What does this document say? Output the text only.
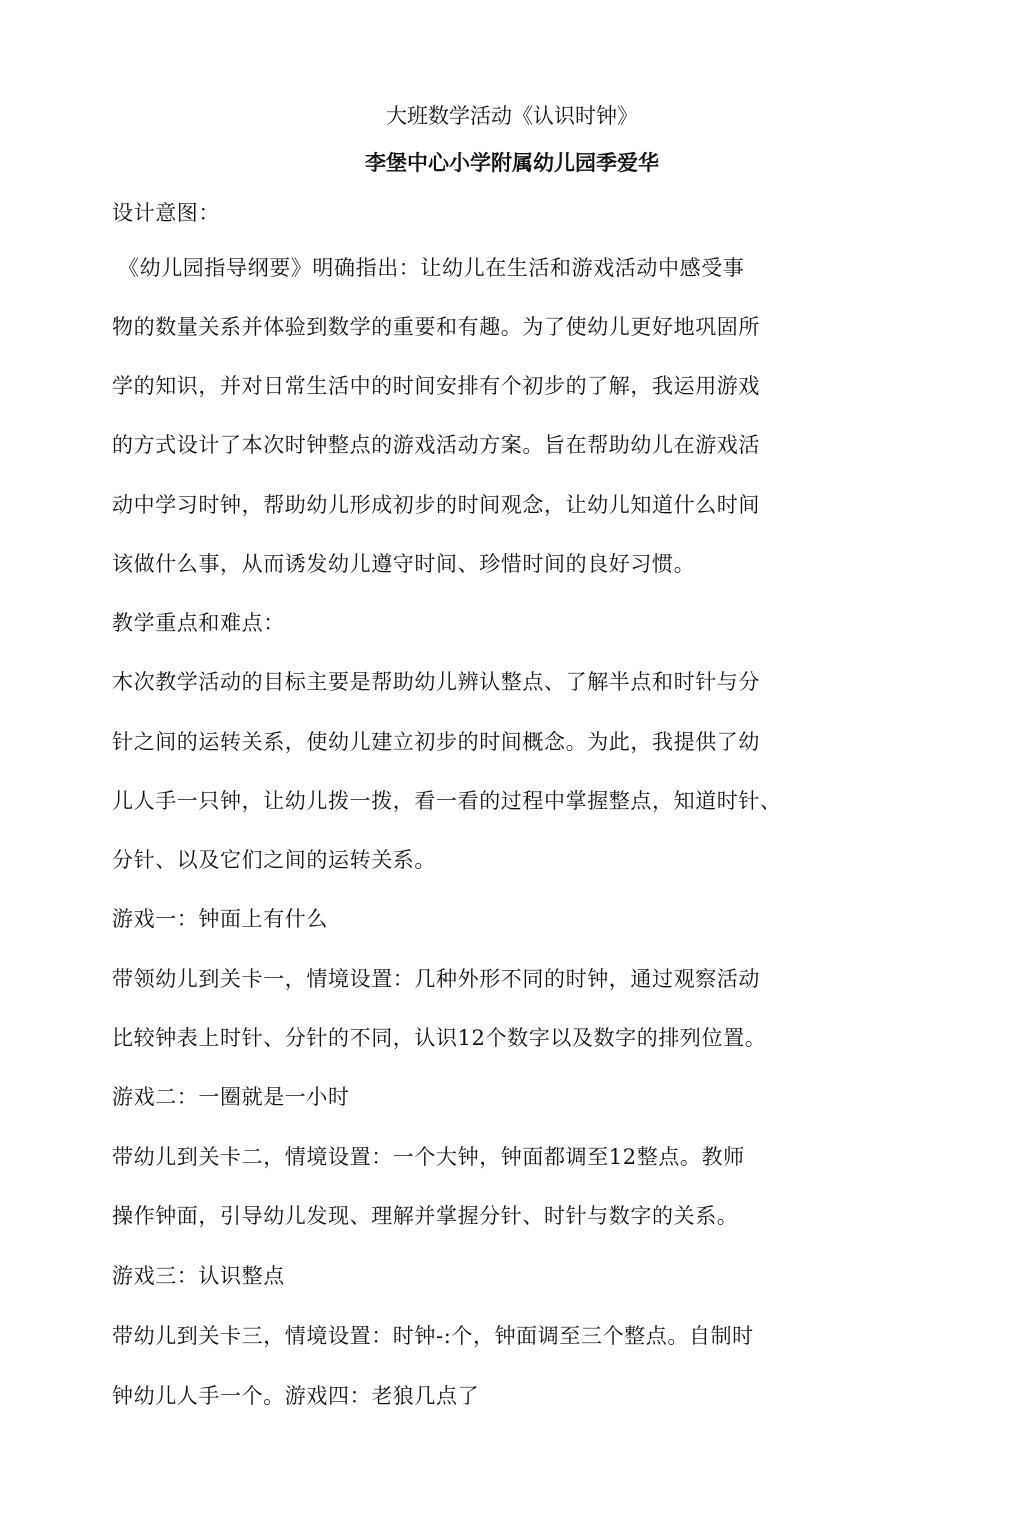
大班数学活动《认识时钟》
李堡中心小学附属幼儿园季爱华
设计意图：
《幼儿园指导纲要》明确指出：让幼儿在生活和游戏活动中感受事
物的数量关系并体验到数学的重要和有趣。为了使幼儿更好地巩固所
学的知识，并对日常生活中的时间安排有个初步的了解，我运用游戏
的方式设计了本次时钟整点的游戏活动方案。旨在帮助幼儿在游戏活
动中学习时钟，帮助幼儿形成初步的时间观念，让幼儿知道什么时间
该做什么事，从而诱发幼儿遵守时间、珍惜时间的良好习惯。
教学重点和难点：
木次教学活动的目标主要是帮助幼儿辨认整点、了解半点和时针与分
针之间的运转关系，使幼儿建立初步的时间概念。为此，我提供了幼
儿人手一只钟，让幼儿拨一拨，看一看的过程中掌握整点，知道时针、
分针、以及它们之间的运转关系。
游戏一：钟面上有什么
带领幼儿到关卡一，情境设置：几种外形不同的时钟，通过观察活动
比较钟表上时针、分针的不同，认识12个数字以及数字的排列位置。
游戏二：一圈就是一小时
带幼儿到关卡二，情境设置：一个大钟，钟面都调至12整点。教师
操作钟面，引导幼儿发现、理解并掌握分针、时针与数字的关系。
游戏三：认识整点
带幼儿到关卡三，情境设置：时钟-:个，钟面调至三个整点。自制时
钟幼儿人手一个。游戏四：老狼几点了
